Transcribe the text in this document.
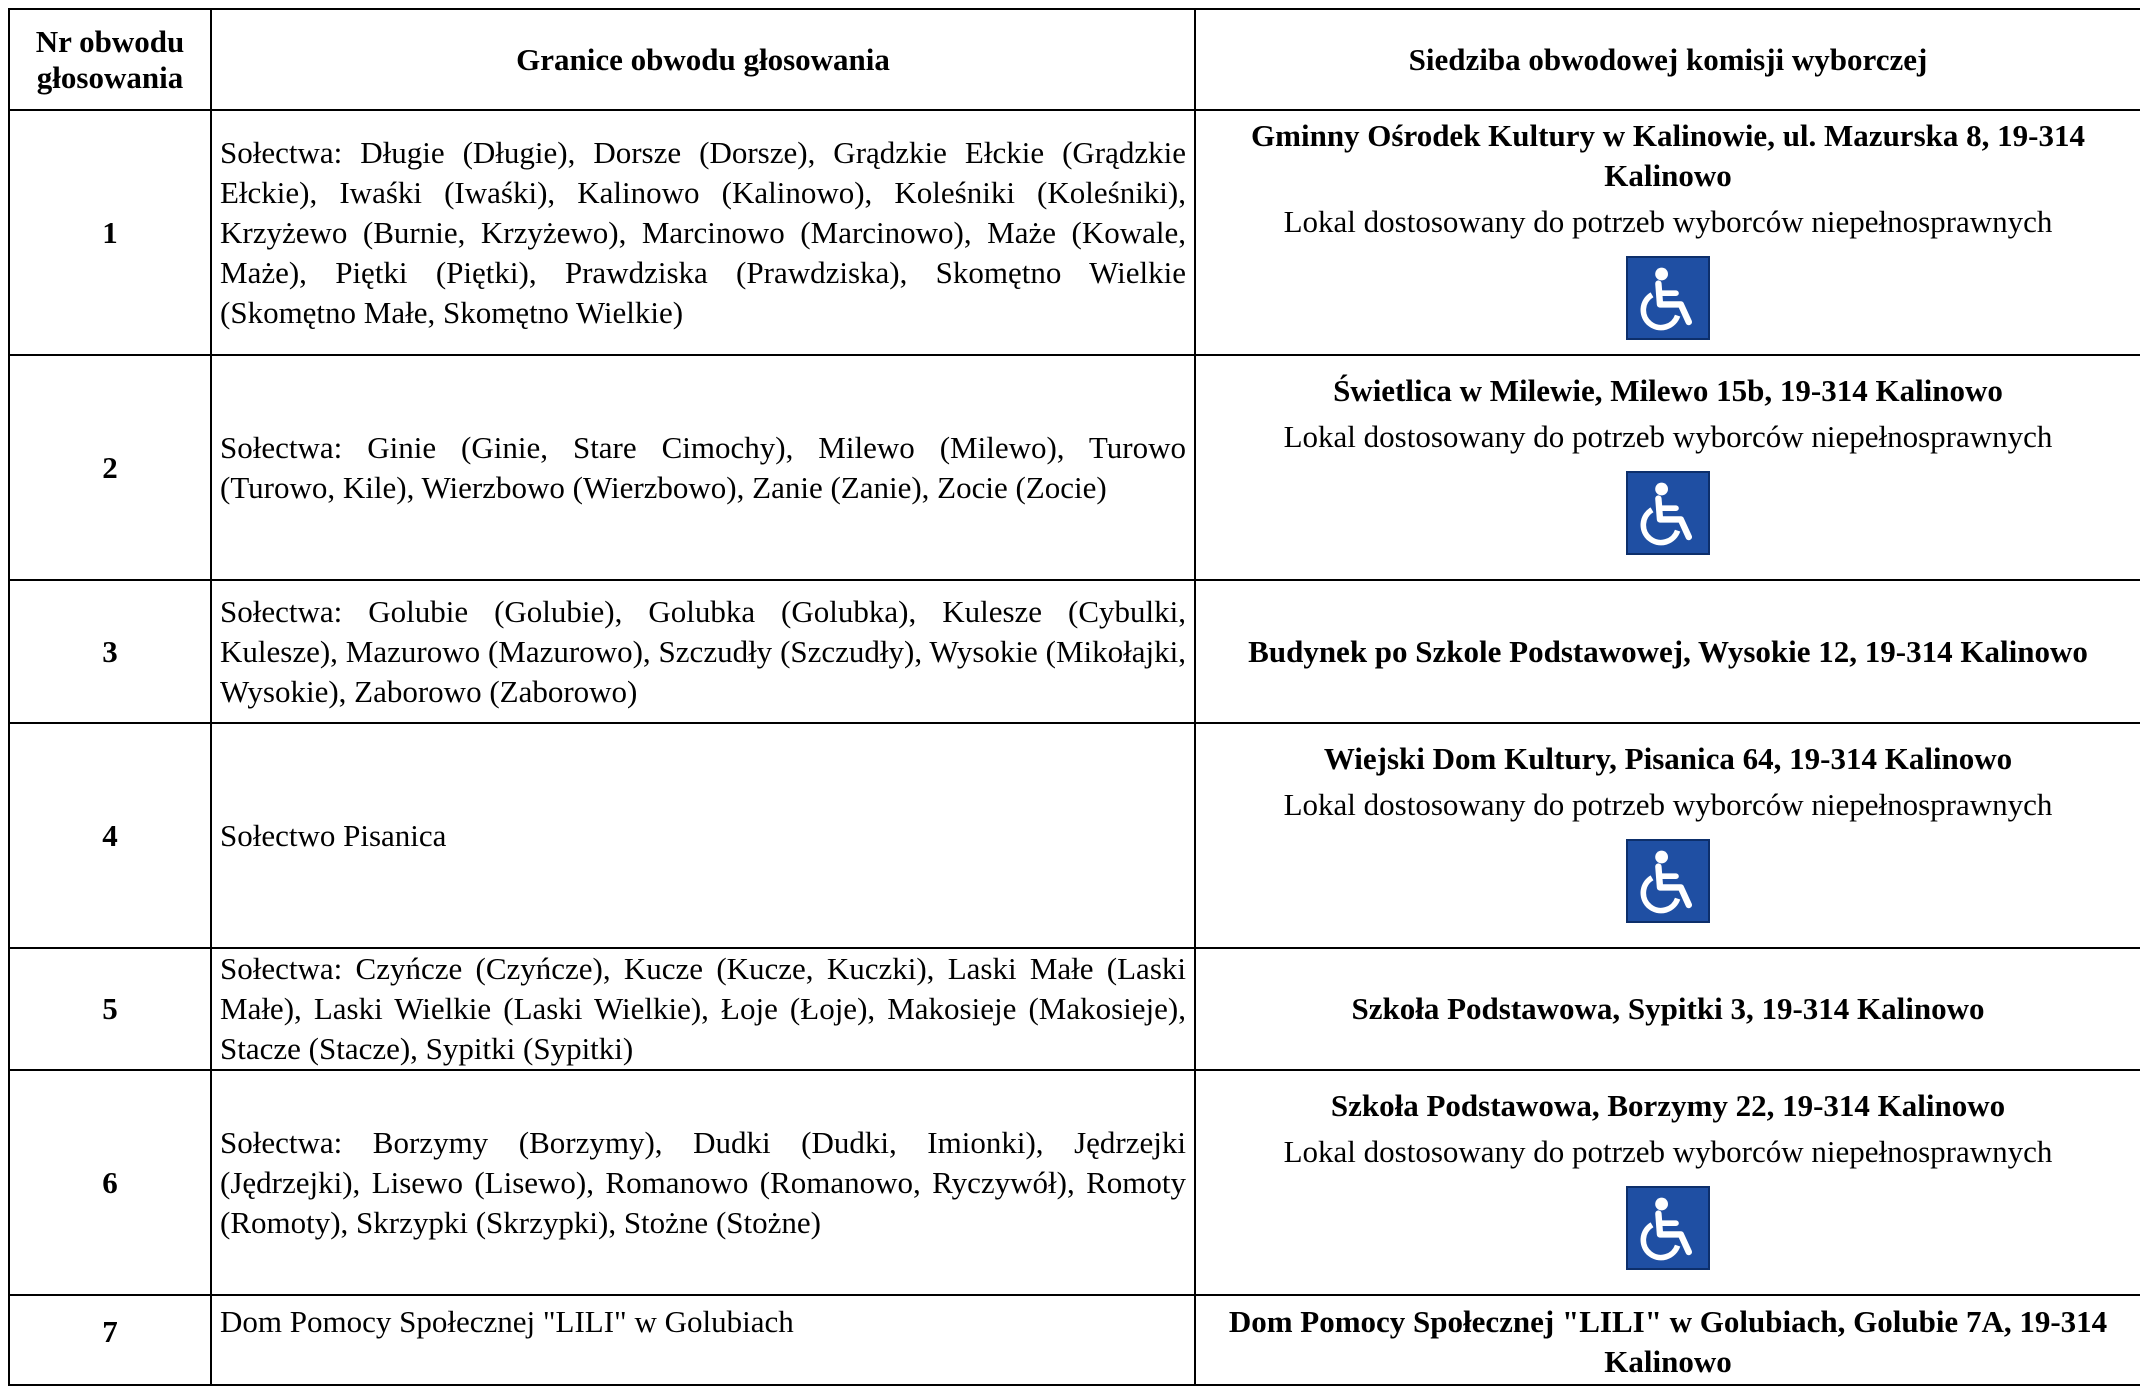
Nr obwodu głosowania	Granice obwodu głosowania	Siedziba obwodowej komisji wyborczej
1	Sołectwa: Długie (Długie), Dorsze (Dorsze), Grądzkie Ełckie (Grądzkie Ełckie), Iwaśki (Iwaśki), Kalinowo (Kalinowo), Koleśniki (Koleśniki), Krzyżewo (Burnie, Krzyżewo), Marcinowo (Marcinowo), Maże (Kowale, Maże), Piętki (Piętki), Prawdziska (Prawdziska), Skomętno Wielkie (Skomętno Małe, Skomętno Wielkie)	Gminny Ośrodek Kultury w Kalinowie, ul. Mazurska 8, 19-314 Kalinowo
Lokal dostosowany do potrzeb wyborców niepełnosprawnych

2	Sołectwa: Ginie (Ginie, Stare Cimochy), Milewo (Milewo), Turowo (Turowo, Kile), Wierzbowo (Wierzbowo), Zanie (Zanie), Zocie (Zocie)	Świetlica w Milewie, Milewo 15b, 19-314 Kalinowo
Lokal dostosowany do potrzeb wyborców niepełnosprawnych

3	Sołectwa: Golubie (Golubie), Golubka (Golubka), Kulesze (Cybulki, Kulesze), Mazurowo (Mazurowo), Szczudły (Szczudły), Wysokie (Mikołajki, Wysokie), Zaborowo (Zaborowo)	Budynek po Szkole Podstawowej, Wysokie 12, 19-314 Kalinowo

4	Sołectwo Pisanica	Wiejski Dom Kultury, Pisanica 64, 19-314 Kalinowo
Lokal dostosowany do potrzeb wyborców niepełnosprawnych

5	Sołectwa: Czyńcze (Czyńcze), Kucze (Kucze, Kuczki), Laski Małe (Laski Małe), Laski Wielkie (Laski Wielkie), Łoje (Łoje), Makosieje (Makosieje), Stacze (Stacze), Sypitki (Sypitki)	Szkoła Podstawowa, Sypitki 3, 19-314 Kalinowo

6	Sołectwa: Borzymy (Borzymy), Dudki (Dudki, Imionki), Jędrzejki (Jędrzejki), Lisewo (Lisewo), Romanowo (Romanowo, Ryczywół), Romoty (Romoty), Skrzypki (Skrzypki), Stożne (Stożne)	Szkoła Podstawowa, Borzymy 22, 19-314 Kalinowo
Lokal dostosowany do potrzeb wyborców niepełnosprawnych

7	Dom Pomocy Społecznej "LILI" w Golubiach	Dom Pomocy Społecznej "LILI" w Golubiach, Golubie 7A, 19-314 Kalinowo
